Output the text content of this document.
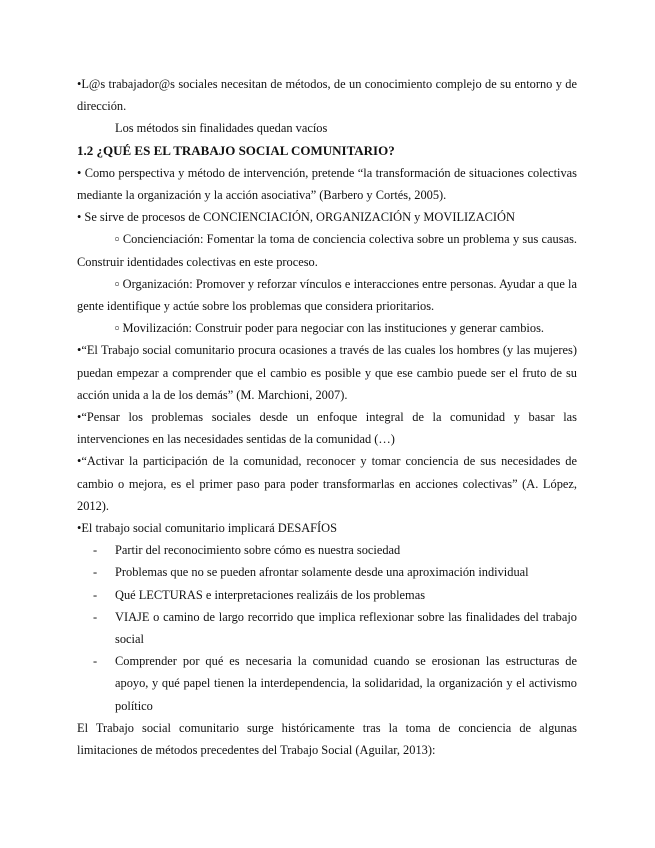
•L@s trabajador@s sociales necesitan de métodos, de un conocimiento complejo de su entorno y de dirección.

Los métodos sin finalidades quedan vacíos

1.2 ¿QUÉ ES EL TRABAJO SOCIAL COMUNITARIO?

• Como perspectiva y método de intervención, pretende “la transformación de situaciones colectivas mediante la organización y la acción asociativa” (Barbero y Cortés, 2005).

• Se sirve de procesos de CONCIENCIACIÓN, ORGANIZACIÓN y MOVILIZACIÓN

▫ Concienciación: Fomentar la toma de conciencia colectiva sobre un problema y sus causas. Construir identidades colectivas en este proceso.

▫ Organización: Promover y reforzar vínculos e interacciones entre personas. Ayudar a que la gente identifique y actúe sobre los problemas que considera prioritarios.

▫ Movilización: Construir poder para negociar con las instituciones y generar cambios.

•“El Trabajo social comunitario procura ocasiones a través de las cuales los hombres (y las mujeres) puedan empezar a comprender que el cambio es posible y que ese cambio puede ser el fruto de su acción unida a la de los demás” (M. Marchioni, 2007).

•“Pensar los problemas sociales desde un enfoque integral de la comunidad y basar las intervenciones en las necesidades sentidas de la comunidad (…)

•“Activar la participación de la comunidad, reconocer y tomar conciencia de sus necesidades de cambio o mejora, es el primer paso para poder transformarlas en acciones colectivas” (A. López, 2012).

•El trabajo social comunitario implicará DESAFÍOS

- Partir del reconocimiento sobre cómo es nuestra sociedad
- Problemas que no se pueden afrontar solamente desde una aproximación individual
- Qué LECTURAS e interpretaciones realizáis de los problemas
- VIAJE o camino de largo recorrido que implica reflexionar sobre las finalidades del trabajo social
- Comprender por qué es necesaria la comunidad cuando se erosionan las estructuras de apoyo, y qué papel tienen la interdependencia, la solidaridad, la organización y el activismo político

El Trabajo social comunitario surge históricamente tras la toma de conciencia de algunas limitaciones de métodos precedentes del Trabajo Social (Aguilar, 2013):
